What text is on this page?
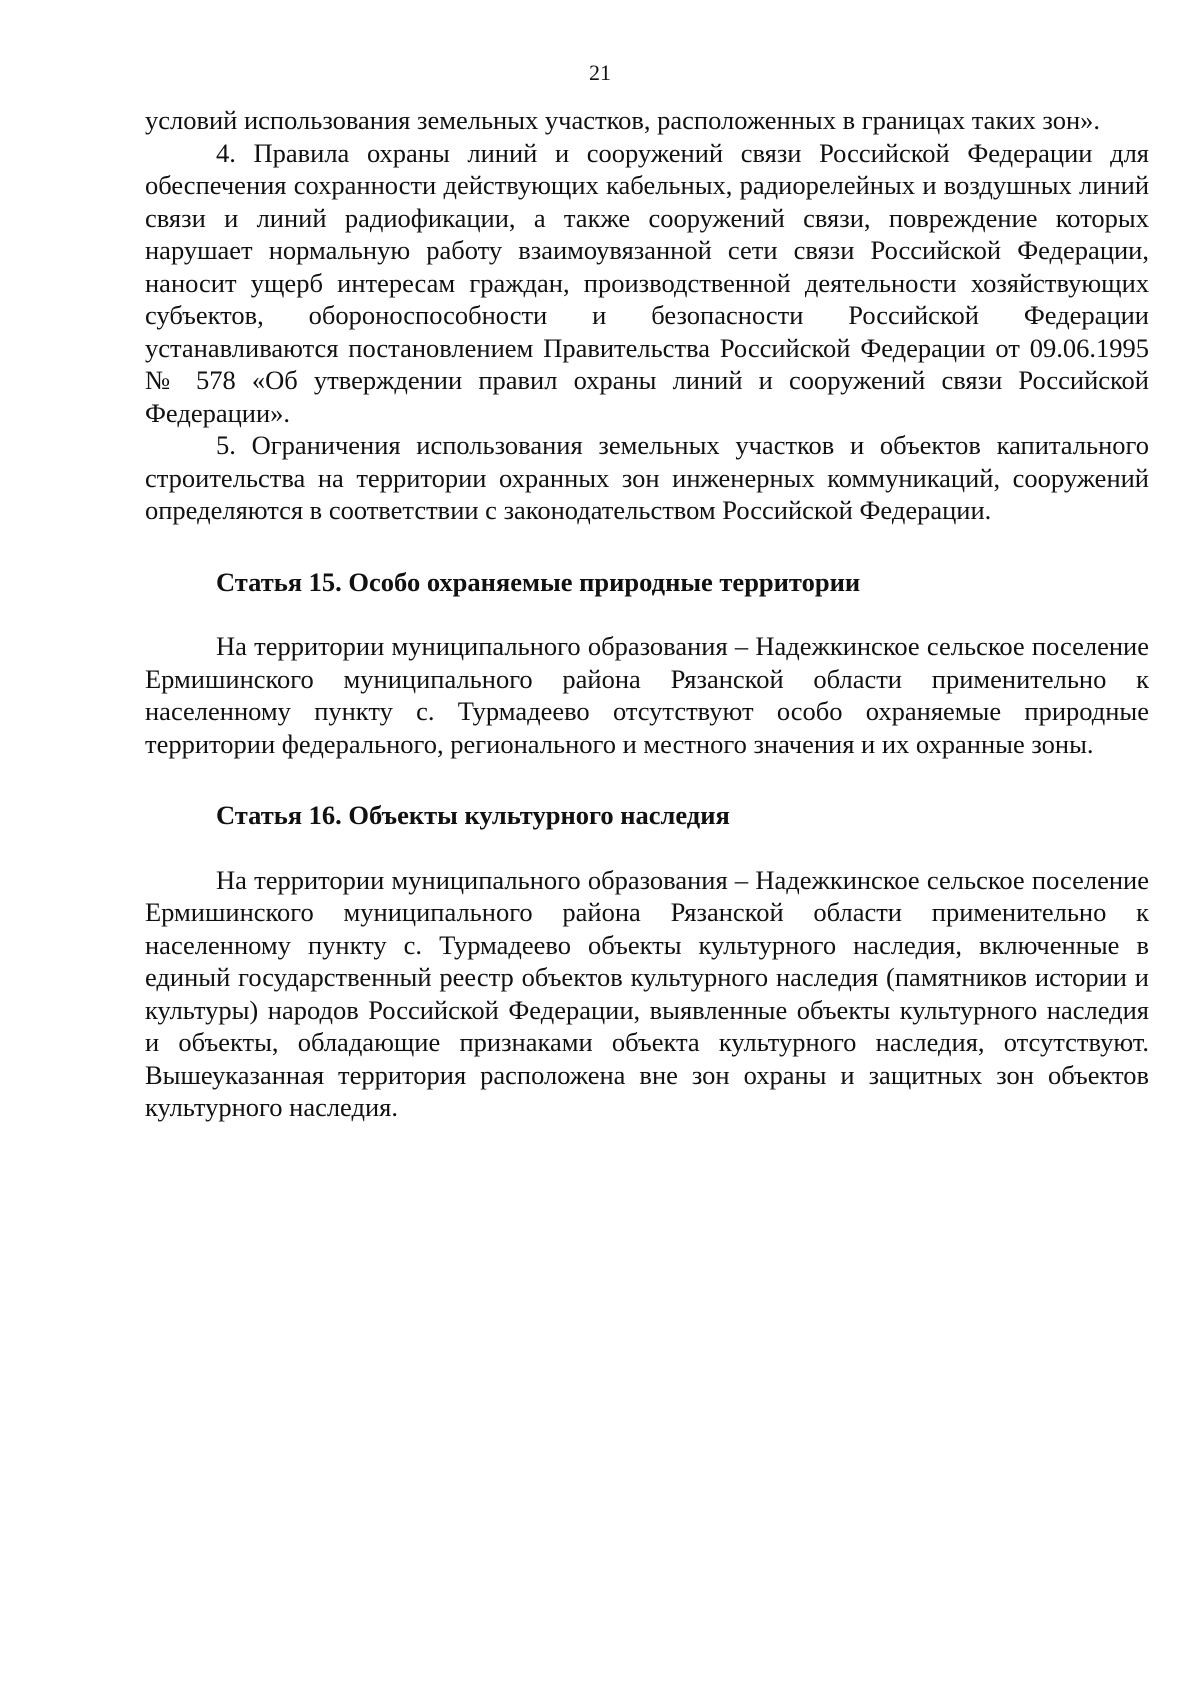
21

условий использования земельных участков, расположенных в границах таких зон».

4. Правила охраны линий и сооружений связи Российской Федерации для обеспечения сохранности действующих кабельных, радиорелейных и воздушных линий связи и линий радиофикации, а также сооружений связи, повреждение которых нарушает нормальную работу взаимоувязанной сети связи Российской Федерации, наносит ущерб интересам граждан, производственной деятельности хозяйствующих субъектов, обороноспособности и безопасности Российской Федерации устанавливаются постановлением Правительства Российской Федерации от 09.06.1995 № 578 «Об утверждении правил охраны линий и сооружений связи Российской Федерации».

5. Ограничения использования земельных участков и объектов капитального строительства на территории охранных зон инженерных коммуникаций, сооружений определяются в соответствии с законодательством Российской Федерации.

Статья 15. Особо охраняемые природные территории

На территории муниципального образования – Надежкинское сельское поселение Ермишинского муниципального района Рязанской области применительно к населенному пункту с. Турмадеево отсутствуют особо охраняемые природные территории федерального, регионального и местного значения и их охранные зоны.

Статья 16. Объекты культурного наследия

На территории муниципального образования – Надежкинское сельское поселение Ермишинского муниципального района Рязанской области применительно к населенному пункту с. Турмадеево объекты культурного наследия, включенные в единый государственный реестр объектов культурного наследия (памятников истории и культуры) народов Российской Федерации, выявленные объекты культурного наследия и объекты, обладающие признаками объекта культурного наследия, отсутствуют. Вышеуказанная территория расположена вне зон охраны и защитных зон объектов культурного наследия.
